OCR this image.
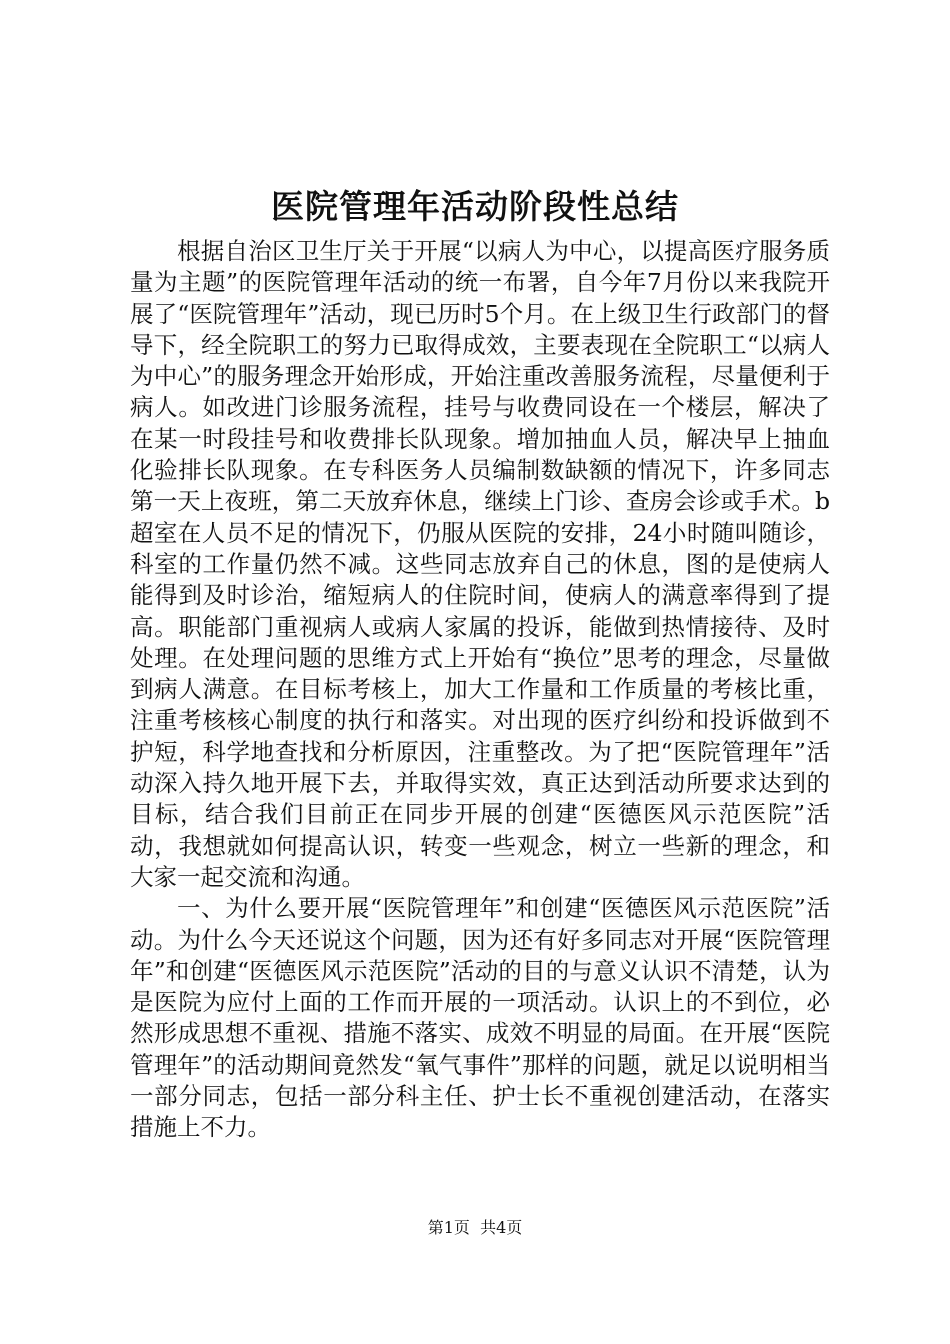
医院管理年活动阶段性总结

根据自治区卫生厅关于开展“以病人为中心，以提高医疗服务质量为主题”的医院管理年活动的统一布署，自今年7月份以来我院开展了“医院管理年”活动，现已历时5个月。在上级卫生行政部门的督导下，经全院职工的努力已取得成效，主要表现在全院职工“以病人为中心”的服务理念开始形成，开始注重改善服务流程，尽量便利于病人。如改进门诊服务流程，挂号与收费同设在一个楼层，解决了在某一时段挂号和收费排长队现象。增加抽血人员，解决早上抽血化验排长队现象。在专科医务人员编制数缺额的情况下，许多同志第一天上夜班，第二天放弃休息，继续上门诊、查房会诊或手术。b超室在人员不足的情况下，仍服从医院的安排，24小时随叫随诊，科室的工作量仍然不减。这些同志放弃自己的休息，图的是使病人能得到及时诊治，缩短病人的住院时间，使病人的满意率得到了提高。职能部门重视病人或病人家属的投诉，能做到热情接待、及时处理。在处理问题的思维方式上开始有“换位”思考的理念，尽量做到病人满意。在目标考核上，加大工作量和工作质量的考核比重，注重考核核心制度的执行和落实。对出现的医疗纠纷和投诉做到不护短，科学地查找和分析原因，注重整改。为了把“医院管理年”活动深入持久地开展下去，并取得实效，真正达到活动所要求达到的目标，结合我们目前正在同步开展的创建“医德医风示范医院”活动，我想就如何提高认识，转变一些观念，树立一些新的理念，和大家一起交流和沟通。

一、为什么要开展“医院管理年”和创建“医德医风示范医院”活动。为什么今天还说这个问题，因为还有好多同志对开展“医院管理年”和创建“医德医风示范医院”活动的目的与意义认识不清楚，认为是医院为应付上面的工作而开展的一项活动。认识上的不到位，必然形成思想不重视、措施不落实、成效不明显的局面。在开展“医院管理年”的活动期间竟然发“氧气事件”那样的问题，就足以说明相当一部分同志，包括一部分科主任、护士长不重视创建活动，在落实措施上不力。

第1页  共4页
